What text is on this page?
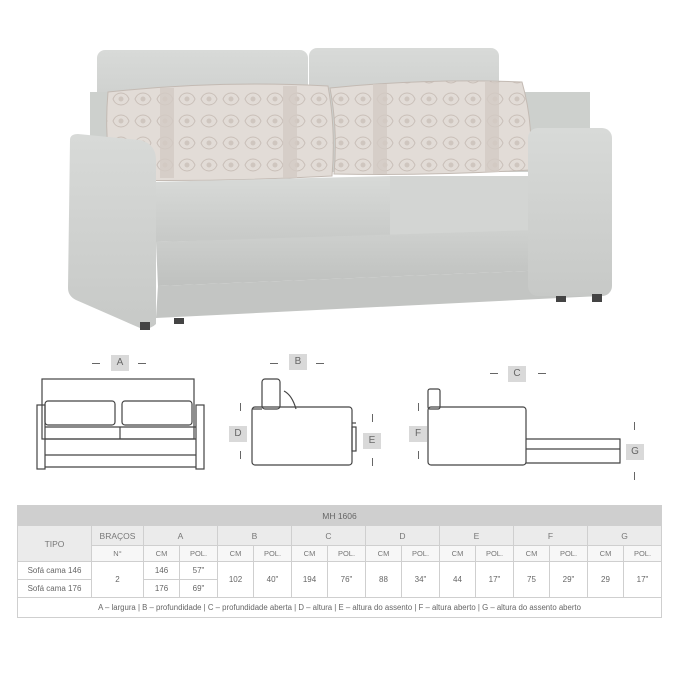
A	B
C
D
E
F
G
MH 1606															
TIPO	BRAÇOS	A		B		C		D		E		F		G	
	N°	CM	POL.	CM	POL.	CM	POL.	CM	POL.	CM	POL.	CM	POL.	CM	POL.
Sofá cama 146	2	146	57"	102	40"	194	76"	88	34"	44	17"	75	29"	29	17"
Sofá cama 176		176	69"												
A – largura | B – profundidade | C – profundidade aberta | D – altura | E – altura do assento | F – altura aberto | G – altura do assento aberto															
